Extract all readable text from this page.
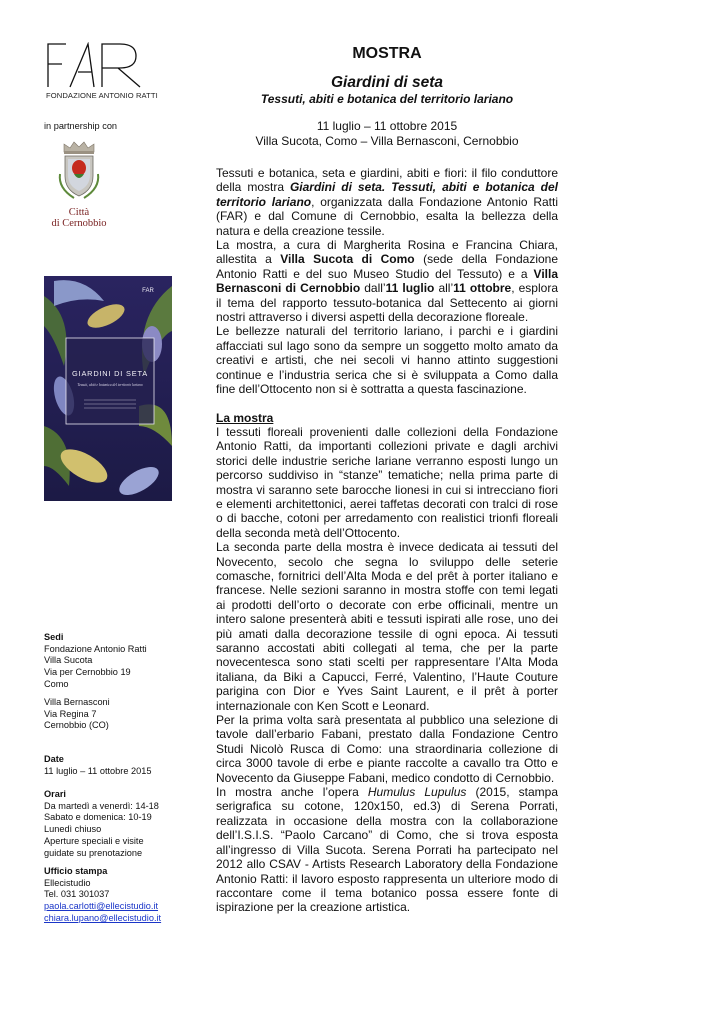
FONDAZIONE ANTONIO RATTI
in partnership con
Città
di Cernobbio
GIARDINI DI SETA
Tessuti, abiti e botanica del territorio lariano
FAR
Sedi
Fondazione Antonio Ratti
Villa Sucota
Via per Cernobbio 19
Como
Villa Bernasconi
Via Regina 7
Cernobbio (CO)
Date
11 luglio – 11 ottobre 2015
Orari
Da martedì a venerdì: 14-18
Sabato e domenica: 10-19
Lunedì chiuso
Aperture speciali e visite
guidate su prenotazione
Ufficio stampa
Ellecistudio
Tel. 031 301037
paola.carlotti@ellecistudio.it
chiara.lupano@ellecistudio.it
MOSTRA
Giardini di seta
Tessuti, abiti e botanica del territorio lariano
11 luglio – 11 ottobre 2015
Villa Sucota, Como – Villa Bernasconi, Cernobbio

Tessuti e botanica, seta e giardini, abiti e fiori: il filo conduttore della mostra Giardini di seta. Tessuti, abiti e botanica del territorio lariano, organizzata dalla Fondazione Antonio Ratti (FAR) e dal Comune di Cernobbio, esalta la bellezza della natura e della creazione tessile.

La mostra, a cura di Margherita Rosina e Francina Chiara, allestita a Villa Sucota di Como (sede della Fondazione Antonio Ratti e del suo Museo Studio del Tessuto) e a Villa Bernasconi di Cernobbio dall’11 luglio all’11 ottobre, esplora il tema del rapporto tessuto-botanica dal Settecento ai giorni nostri attraverso i diversi aspetti della decorazione floreale.

Le bellezze naturali del territorio lariano, i parchi e i giardini affacciati sul lago sono da sempre un soggetto molto amato da creativi e artisti, che nei secoli vi hanno attinto suggestioni continue e l’industria serica che si è sviluppata a Como dalla fine dell’Ottocento non si è sottratta a questa fascinazione.

La mostra

I tessuti floreali provenienti dalle collezioni della Fondazione Antonio Ratti, da importanti collezioni private e dagli archivi storici delle industrie seriche lariane verranno esposti lungo un percorso suddiviso in “stanze” tematiche; nella prima parte di mostra vi saranno sete barocche lionesi in cui si intrecciano fiori e elementi architettonici, aerei taffetas decorati con tralci di rose o di bacche, cotoni per arredamento con realistici trionfi floreali della seconda metà dell’Ottocento.

La seconda parte della mostra è invece dedicata ai tessuti del Novecento, secolo che segna lo sviluppo delle seterie comasche, fornitrici dell’Alta Moda e del prêt à porter italiano e francese. Nelle sezioni saranno in mostra stoffe con temi legati ai prodotti dell’orto o decorate con erbe officinali, mentre un intero salone presenterà abiti e tessuti ispirati alle rose, uno dei più amati dalla decorazione tessile di ogni epoca. Ai tessuti saranno accostati abiti collegati al tema, che per la parte novecentesca sono stati scelti per rappresentare l’Alta Moda italiana, da Biki a Capucci, Ferré, Valentino, l’Haute Couture parigina con Dior e Yves Saint Laurent, e il prêt à porter internazionale con Ken Scott e Leonard.

Per la prima volta sarà presentata al pubblico una selezione di tavole dall’erbario Fabani, prestato dalla Fondazione Centro Studi Nicolò Rusca di Como: una straordinaria collezione di circa 3000 tavole di erbe e piante raccolte a cavallo tra Otto e Novecento da Giuseppe Fabani, medico condotto di Cernobbio.

In mostra anche l’opera Humulus Lupulus (2015, stampa serigrafica su cotone, 120x150, ed.3) di Serena Porrati, realizzata in occasione della mostra con la collaborazione dell’I.S.I.S. “Paolo Carcano” di Como, che si trova esposta all’ingresso di Villa Sucota. Serena Porrati ha partecipato nel 2012 allo CSAV - Artists Research Laboratory della Fondazione Antonio Ratti: il lavoro esposto rappresenta un ulteriore modo di raccontare come il tema botanico possa essere fonte di ispirazione per la creazione artistica.
